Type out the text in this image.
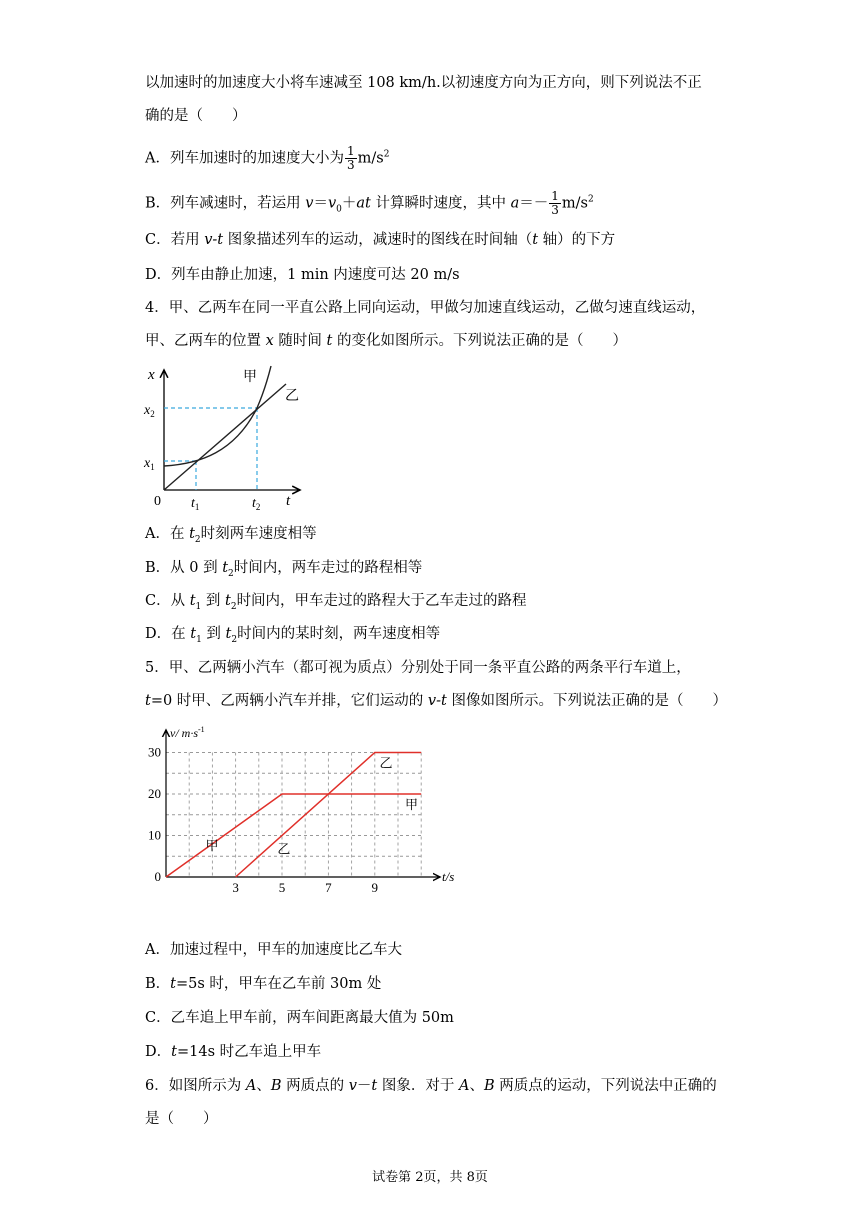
以加速时的加速度大小将车速减至 108 km/h.以初速度方向为正方向，则下列说法不正
确的是（　　）
A．列车加速时的加速度大小为 $\frac{1}{3} m/s^2$
B．列车减速时，若运用 $v=v_0+at$ 计算瞬时速度，其中 $a=- \frac{1}{3} m/s^2$
C．若用 v-t 图象描述列车的运动，减速时的图线在时间轴（t 轴）的下方
D．列车由静止加速，1 min 内速度可达 20 m/s
4．甲、乙两车在同一平直公路上同向运动，甲做匀加速直线运动，乙做匀速直线运动，
甲、乙两车的位置 x 随时间 t 的变化如图所示。下列说法正确的是（　　）
x
t
0
$x_2$
$x_1$
$t_1$	$t_2$
甲
乙
A．在 $t_2$时刻两车速度相等
B．从 0 到 $t_2$时间内，两车走过的路程相等
C．从 $t_1$ 到 $t_2$时间内，甲车走过的路程大于乙车走过的路程
D．在 $t_1$ 到 $t_2$时间内的某时刻，两车速度相等
5．甲、乙两辆小汽车（都可视为质点）分别处于同一条平直公路的两条平行车道上，
t=0 时甲、乙两辆小汽车并排，它们运动的 v-t 图像如图所示。下列说法正确的是（　　）
0
10
20
30
3	5	7	9
甲
甲
乙
乙
v/ $m\cdot s^{-1}$
t/s
A．加速过程中，甲车的加速度比乙车大
B．t=5s 时，甲车在乙车前 30m 处
C．乙车追上甲车前，两车间距离最大值为 50m
D．t=14s 时乙车追上甲车
6．如图所示为 A、B 两质点的 v－t 图象．对于 A、B 两质点的运动，下列说法中正确的
是（　　）
试卷第 2页，共 8页
